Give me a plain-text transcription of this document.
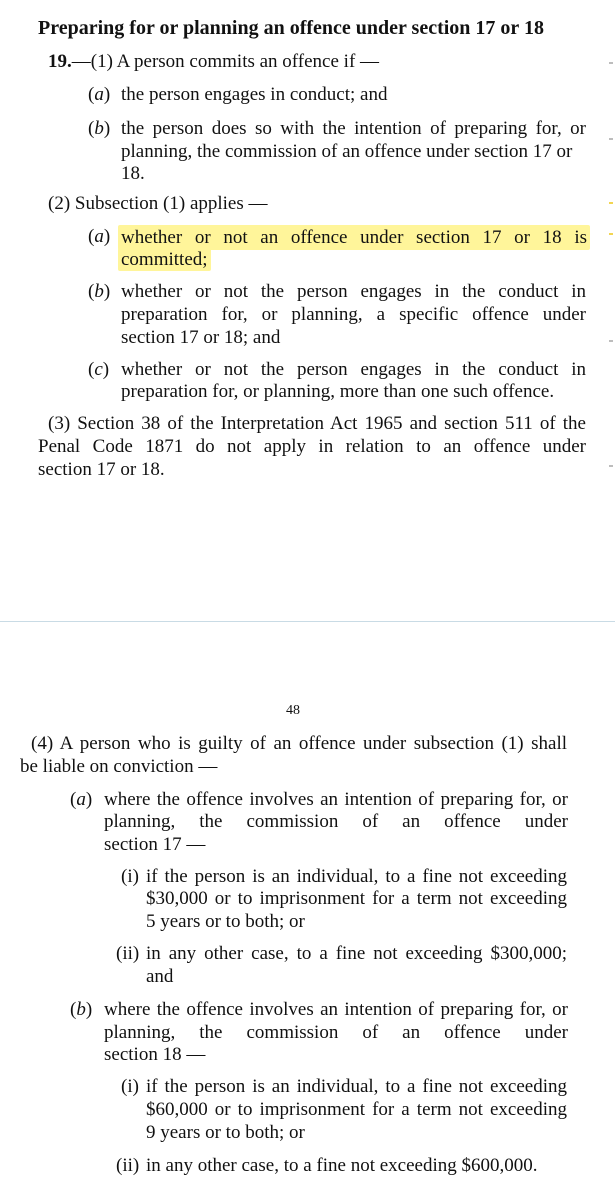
Preparing for or planning an offence under section 17 or 18
19.—(1) A person commits an offence if —
(a) the person engages in conduct; and
(b) the person does so with the intention of preparing for, or
planning, the commission of an offence under section 17 or
18.
(2) Subsection (1) applies —
(a) whether or not an offence under section 17 or 18 is
committed;
(b) whether or not the person engages in the conduct in
preparation for, or planning, a specific offence under
section 17 or 18; and
(c) whether or not the person engages in the conduct in
preparation for, or planning, more than one such offence.
(3) Section 38 of the Interpretation Act 1965 and section 511 of the
Penal Code 1871 do not apply in relation to an offence under
section 17 or 18.
48
(4) A person who is guilty of an offence under subsection (1) shall
be liable on conviction —
(a) where the offence involves an intention of preparing for, or
planning, the commission of an offence under
section 17 —
(i) if the person is an individual, to a fine not exceeding
$30,000 or to imprisonment for a term not exceeding
5 years or to both; or
(ii) in any other case, to a fine not exceeding $300,000;
and
(b) where the offence involves an intention of preparing for, or
planning, the commission of an offence under
section 18 —
(i) if the person is an individual, to a fine not exceeding
$60,000 or to imprisonment for a term not exceeding
9 years or to both; or
(ii) in any other case, to a fine not exceeding $600,000.
